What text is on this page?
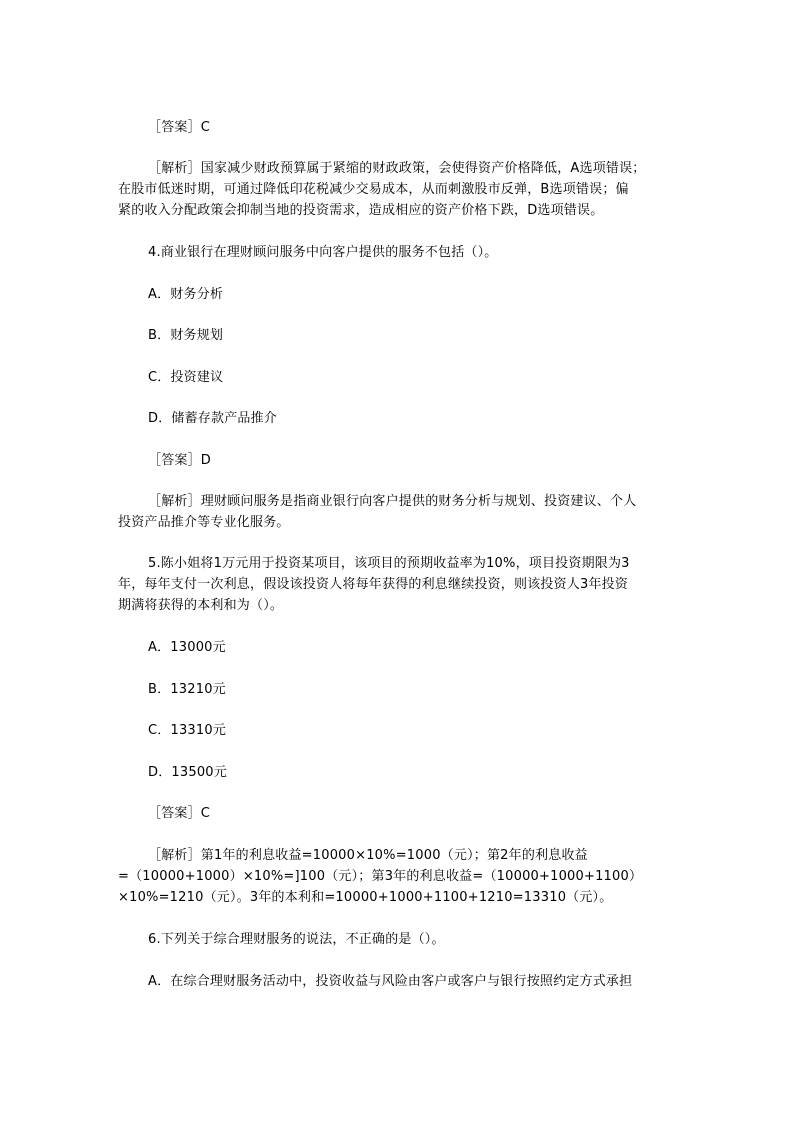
［答案］C
［解析］国家减少财政预算属于紧缩的财政政策，会使得资产价格降低，A选项错误；
在股市低迷时期，可通过降低印花税减少交易成本，从而刺激股市反弹，B选项错误；偏
紧的收入分配政策会抑制当地的投资需求，造成相应的资产价格下跌，D选项错误。
4.商业银行在理财顾问服务中向客户提供的服务不包括（）。
A．财务分析
B．财务规划
C．投资建议
D．储蓄存款产品推介
［答案］D
［解析］理财顾问服务是指商业银行向客户提供的财务分析与规划、投资建议、个人
投资产品推介等专业化服务。
5.陈小姐将1万元用于投资某项目，该项目的预期收益率为10%，项目投资期限为3
年，每年支付一次利息，假设该投资人将每年获得的利息继续投资，则该投资人3年投资
期满将获得的本利和为（）。
A．13000元
B．13210元
C．13310元
D．13500元
［答案］C
［解析］第1年的利息收益=10000×10%=1000（元）；第2年的利息收益
=（10000+1000）×10%=]100（元）；第3年的利息收益=（10000+1000+1100）
×10%=1210（元）。3年的本利和=10000+1000+1100+1210=13310（元）。
6.下列关于综合理财服务的说法，不正确的是（）。
A．在综合理财服务活动中，投资收益与风险由客户或客户与银行按照约定方式承担
